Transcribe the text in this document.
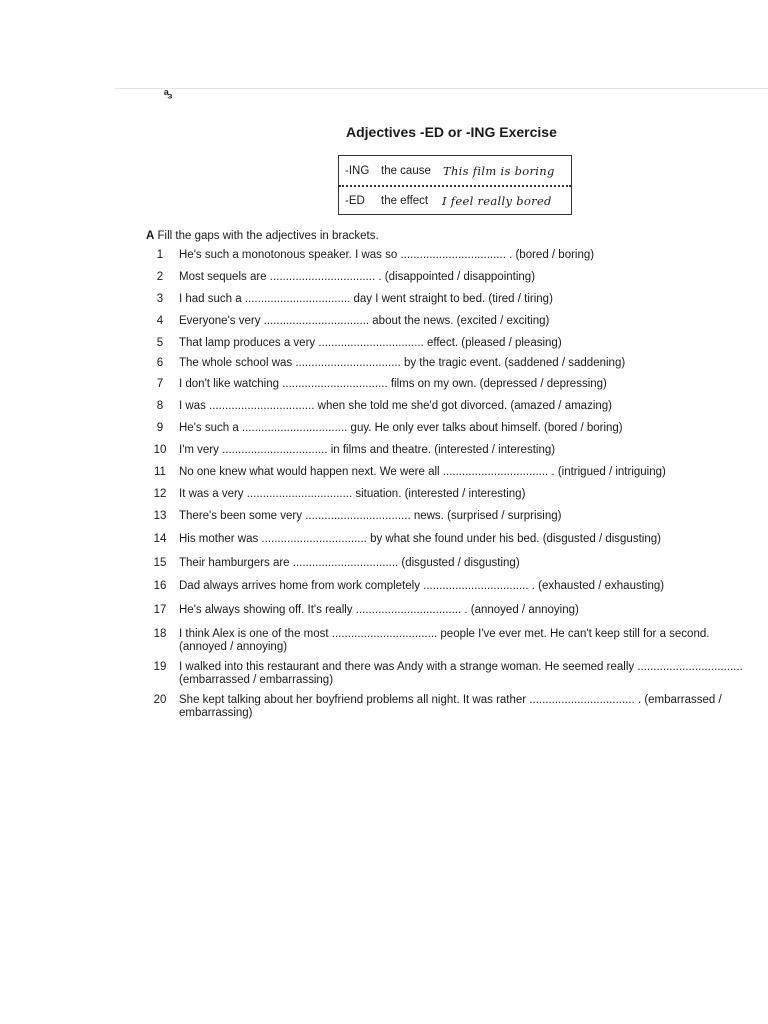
ᵃ₃
Adjectives -ED or -ING Exercise
-ING the cause This film is boring
-ED the effect I feel really bored
A Fill the gaps with the adjectives in brackets.
1	He's such a monotonous speaker. I was so ................................. . (bored / boring)
2	Most sequels are ................................. . (disappointed / disappointing)
3	I had such a ................................. day I went straight to bed. (tired / tiring)
4	Everyone's very ................................. about the news. (excited / exciting)
5	That lamp produces a very ................................. effect. (pleased / pleasing)
6	The whole school was ................................. by the tragic event. (saddened / saddening)
7	I don't like watching ................................. films on my own. (depressed / depressing)
8	I was ................................. when she told me she'd got divorced. (amazed / amazing)
9	He's such a ................................. guy. He only ever talks about himself. (bored / boring)
10 I'm very ................................. in films and theatre. (interested / interesting)
11 No one knew what would happen next. We were all ................................. . (intrigued / intriguing)
12 It was a very ................................. situation. (interested / interesting)
13 There's been some very ................................. news. (surprised / surprising)
14 His mother was ................................. by what she found under his bed. (disgusted / disgusting)
15 Their hamburgers are ................................. (disgusted / disgusting)
16 Dad always arrives home from work completely ................................. . (exhausted / exhausting)
17 He's always showing off. It's really ................................. . (annoyed / annoying)
18 I think Alex is one of the most ................................. people I've ever met. He can't keep still for a second.
(annoyed / annoying)
19 I walked into this restaurant and there was Andy with a strange woman. He seemed really .................................
(embarrassed / embarrassing)
20 She kept talking about her boyfriend problems all night. It was rather ................................. . (embarrassed /
embarrassing)
